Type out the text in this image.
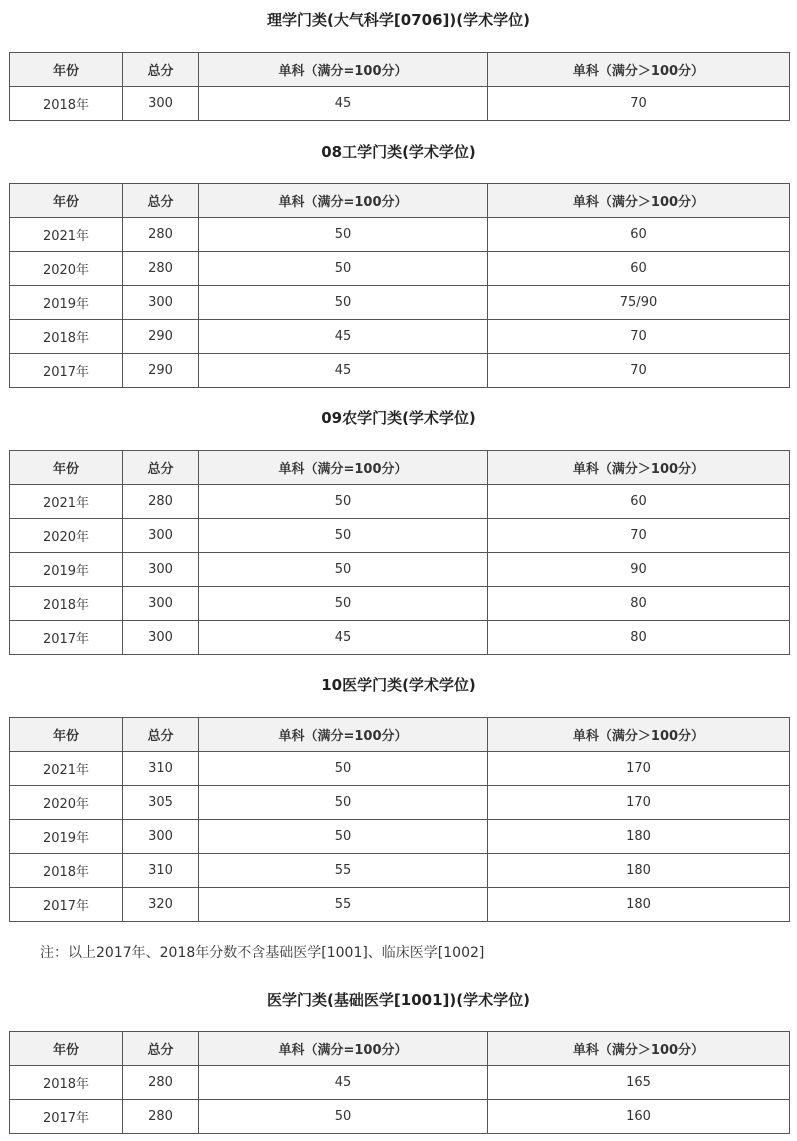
理学门类(大气科学[0706])(学术学位)
年份	总分	单科（满分=100分）	单科（满分＞100分）
2018年	300	45	70
08工学门类(学术学位)
年份	总分	单科（满分=100分）	单科（满分＞100分）
2021年	280	50	60
2020年	280	50	60
2019年	300	50	75/90
2018年	290	45	70
2017年	290	45	70
09农学门类(学术学位)
年份	总分	单科（满分=100分）	单科（满分＞100分）
2021年	280	50	60
2020年	300	50	70
2019年	300	50	90
2018年	300	50	80
2017年	300	45	80
10医学门类(学术学位)
年份	总分	单科（满分=100分）	单科（满分＞100分）
2021年	310	50	170
2020年	305	50	170
2019年	300	50	180
2018年	310	55	180
2017年	320	55	180
注：以上2017年、2018年分数不含基础医学[1001]、临床医学[1002]
医学门类(基础医学[1001])(学术学位)
年份	总分	单科（满分=100分）	单科（满分＞100分）
2018年	280	45	165
2017年	280	50	160
